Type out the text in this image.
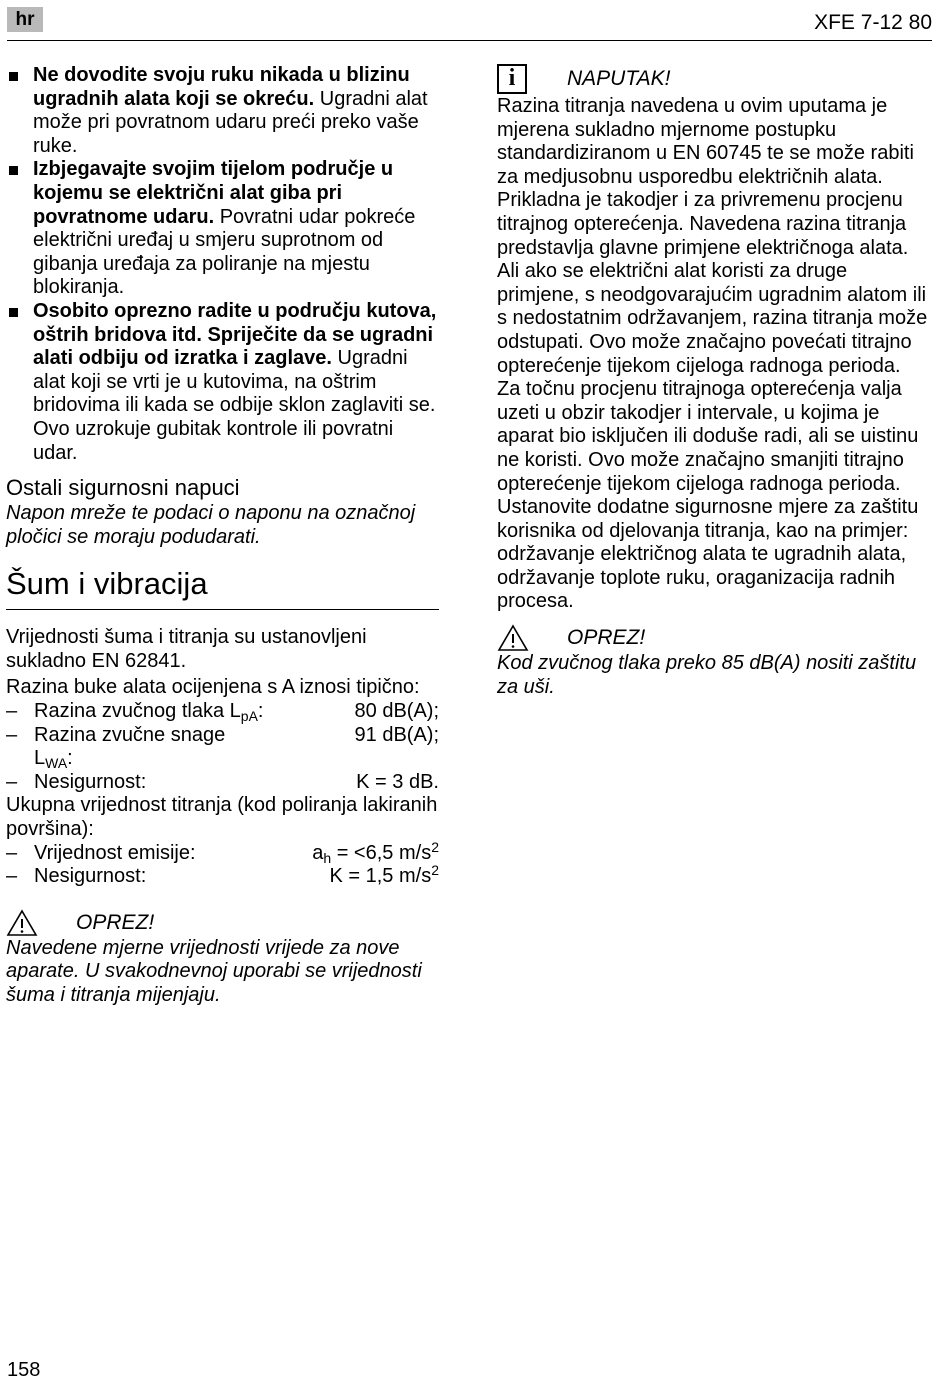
hr	XFE 7-12 80
Ne dovodite svoju ruku nikada u blizinu ugradnih alata koji se okreću. Ugradni alat može pri povratnom udaru preći preko vaše ruke.
Izbjegavajte svojim tijelom područje u kojemu se električni alat giba pri povratnome udaru. Povratni udar pokreće električni uređaj u smjeru suprotnom od gibanja uređaja za poliranje na mjestu blokiranja.
Osobito oprezno radite u području kutova, oštrih bridova itd. Spriječite da se ugradni alati odbiju od izratka i zaglave. Ugradni alat koji se vrti je u kutovima, na oštrim bridovima ili kada se odbije sklon zaglaviti se. Ovo uzrokuje gubitak kontrole ili povratni udar.
Ostali sigurnosni napuci

Napon mreže te podaci o naponu na označnoj pločici se moraju podudarati.

Šum i vibracija

Vrijednosti šuma i titranja su ustanovljeni sukladno EN 62841.

Razina buke alata ocijenjena s A iznosi tipično:

– Razina zvučnog tlaka $L_{pA}$:	80 dB(A);
– Razina zvučne snage $L_{WA}$:
91 dB(A);
– Nesigurnost:	K = 3 dB.

Ukupna vrijednost titranja (kod poliranja lakiranih površina):

– Vrijednost emisije:	$a_h = <6,5$ $m/s^2$
– Nesigurnost:	K = 1,5 $m/s^2$
OPREZ!

Navedene mjerne vrijednosti vrijede za nove aparate. U svakodnevnoj uporabi se vrijednosti šuma i titranja mijenjaju.

i	NAPUTAK!

Razina titranja navedena u ovim uputama je mjerena sukladno mjernome postupku standardiziranom u EN 60745 te se može rabiti za medjusobnu usporedbu električnih alata. Prikladna je takodjer i za privremenu procjenu titrajnog opterećenja. Navedena razina titranja predstavlja glavne primjene električnoga alata. Ali ako se električni alat koristi za druge primjene, s neodgovarajućim ugradnim alatom ili s nedostatnim održavanjem, razina titranja može odstupati. Ovo može značajno povećati titrajno opterećenje tijekom cijeloga radnoga perioda.

Za točnu procjenu titrajnoga opterećenja valja uzeti u obzir takodjer i intervale, u kojima je aparat bio isključen ili doduše radi, ali se uistinu ne koristi. Ovo može značajno smanjiti titrajno opterećenje tijekom cijeloga radnoga perioda.

Ustanovite dodatne sigurnosne mjere za zaštitu korisnika od djelovanja titranja, kao na primjer: održavanje električnog alata te ugradnih alata, održavanje toplote ruku, oraganizacija radnih procesa.

OPREZ!

Kod zvučnog tlaka preko 85 dB(A) nositi zaštitu za uši.

158
